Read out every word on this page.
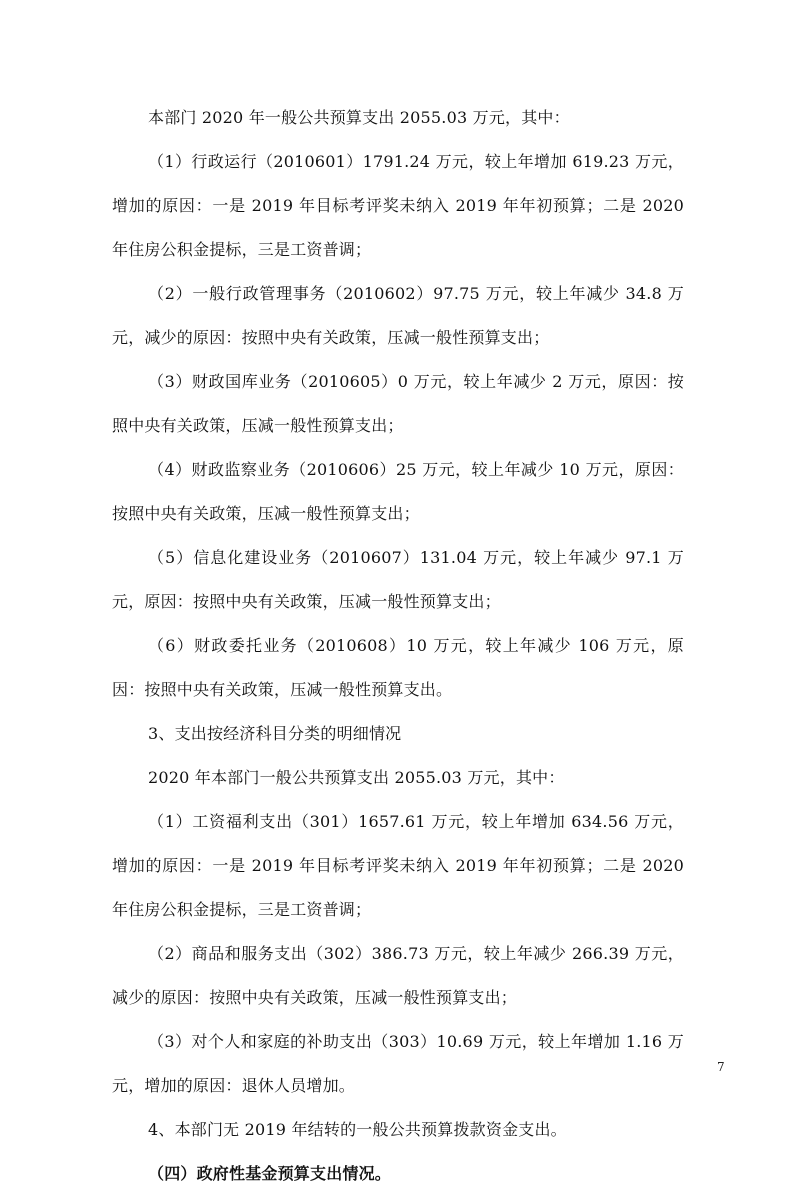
本部门 2020 年一般公共预算支出 2055.03 万元，其中：

（1）行政运行（2010601）1791.24 万元，较上年增加 619.23 万元，增加的原因：一是 2019 年目标考评奖未纳入 2019 年年初预算；二是 2020 年住房公积金提标，三是工资普调；

（2）一般行政管理事务（2010602）97.75 万元，较上年减少 34.8 万元，减少的原因：按照中央有关政策，压减一般性预算支出；

（3）财政国库业务（2010605）0 万元，较上年减少 2 万元，原因：按照中央有关政策，压减一般性预算支出；

（4）财政监察业务（2010606）25 万元，较上年减少 10 万元，原因：按照中央有关政策，压减一般性预算支出；

（5）信息化建设业务（2010607）131.04 万元，较上年减少 97.1 万元，原因：按照中央有关政策，压减一般性预算支出；

（6）财政委托业务（2010608）10 万元，较上年减少 106 万元，原因：按照中央有关政策，压减一般性预算支出。

3、支出按经济科目分类的明细情况

2020 年本部门一般公共预算支出 2055.03 万元，其中：

（1）工资福利支出（301）1657.61 万元，较上年增加 634.56 万元，增加的原因：一是 2019 年目标考评奖未纳入 2019 年年初预算；二是 2020 年住房公积金提标，三是工资普调；

（2）商品和服务支出（302）386.73 万元，较上年减少 266.39 万元，减少的原因：按照中央有关政策，压减一般性预算支出；

（3）对个人和家庭的补助支出（303）10.69 万元，较上年增加 1.16 万元，增加的原因：退休人员增加。

4、本部门无 2019 年结转的一般公共预算拨款资金支出。

（四）政府性基金预算支出情况。

7
